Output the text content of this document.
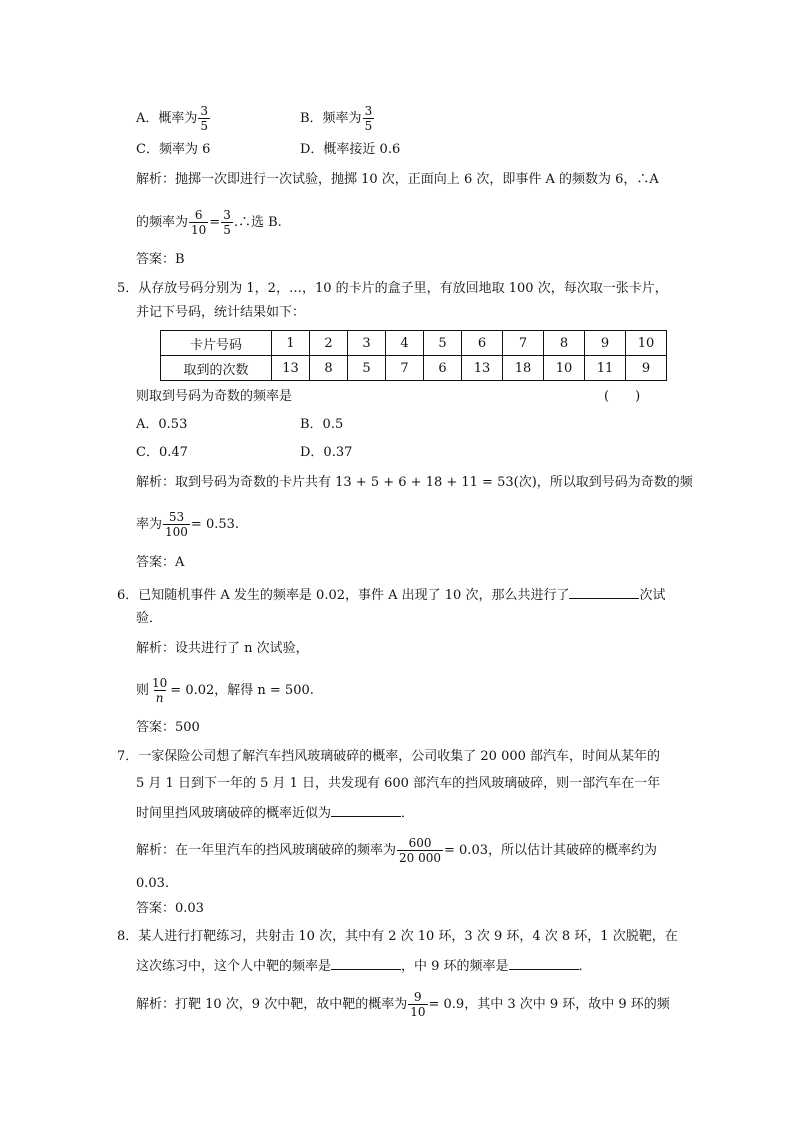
A．概率为 $\frac{3}{5}$	B．频率为 $\frac{3}{5}$
C．频率为 6	D．概率接近 0.6
解析：抛掷一次即进行一次试验，抛掷 10 次，正面向上 6 次，即事件 A 的频数为 6，∴A
的频率为 $\frac{6}{10} = \frac{3}{5}$ .∴选 B.
答案：B
5．从存放号码分别为 1，2，…，10 的卡片的盒子里，有放回地取 100 次，每次取一张卡片，
并记下号码，统计结果如下：
卡片号码	1	2	3	4	5	6	7	8	9	10
取到的次数	13	8	5	7	6	13	18	10	11	9
则取到号码为奇数的频率是	(　　)
A．0.53	B．0.5
C．0.47	D．0.37
解析：取到号码为奇数的卡片共有 13 + 5 + 6 + 18 + 11 = 53(次)，所以取到号码为奇数的频
率为 $\frac{53}{100} = 0.53$.
答案：A
6．已知随机事件 A 发生的频率是 0.02，事件 A 出现了 10 次，那么共进行了	次试
验．
解析：设共进行了 n 次试验，
则 $\frac{10}{n} = 0.02$，解得 n = 500.
答案：500
7．一家保险公司想了解汽车挡风玻璃破碎的概率，公司收集了 20 000 部汽车，时间从某年的
5 月 1 日到下一年的 5 月 1 日，共发现有 600 部汽车的挡风玻璃破碎，则一部汽车在一年
时间里挡风玻璃破碎的概率近似为	．
解析：在一年里汽车的挡风玻璃破碎的频率为 $\frac{600}{20 000} = 0.03$，所以估计其破碎的概率约为
0.03.
答案：0.03
8．某人进行打靶练习，共射击 10 次，其中有 2 次 10 环，3 次 9 环，4 次 8 环，1 次脱靶，在
这次练习中，这个人中靶的频率是	，中 9 环的频率是	．
解析：打靶 10 次，9 次中靶，故中靶的概率为 $\frac{9}{10} = 0.9$，其中 3 次中 9 环，故中 9 环的频
